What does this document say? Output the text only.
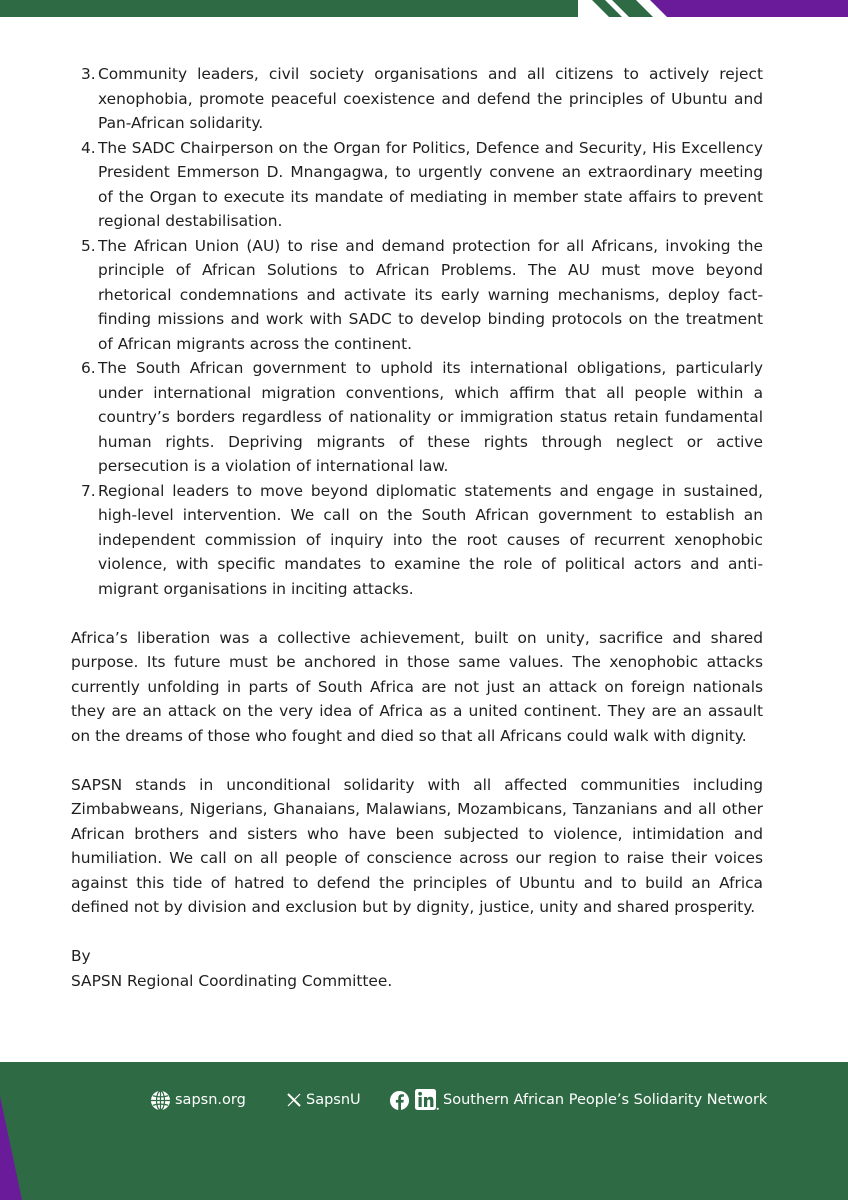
3. Community leaders, civil society organisations and all citizens to actively reject xenophobia, promote peaceful coexistence and defend the principles of Ubuntu and Pan-African solidarity.
4. The SADC Chairperson on the Organ for Politics, Defence and Security, His Excellency President Emmerson D. Mnangagwa, to urgently convene an extraordinary meeting of the Organ to execute its mandate of mediating in member state affairs to prevent regional destabilisation.
5. The African Union (AU) to rise and demand protection for all Africans, invoking the principle of African Solutions to African Problems. The AU must move beyond rhetorical condemnations and activate its early warning mechanisms, deploy fact-finding missions and work with SADC to develop binding protocols on the treatment of African migrants across the continent.
6. The South African government to uphold its international obligations, particularly under international migration conventions, which affirm that all people within a country’s borders regardless of nationality or immigration status retain fundamental human rights. Depriving migrants of these rights through neglect or active persecution is a violation of international law.
7. Regional leaders to move beyond diplomatic statements and engage in sustained, high-level intervention. We call on the South African government to establish an independent commission of inquiry into the root causes of recurrent xenophobic violence, with specific mandates to examine the role of political actors and anti-migrant organisations in inciting attacks.

Africa’s liberation was a collective achievement, built on unity, sacrifice and shared purpose. Its future must be anchored in those same values. The xenophobic attacks currently unfolding in parts of South Africa are not just an attack on foreign nationals they are an attack on the very idea of Africa as a united continent. They are an assault on the dreams of those who fought and died so that all Africans could walk with dignity.

SAPSN stands in unconditional solidarity with all affected communities including Zimbabweans, Nigerians, Ghanaians, Malawians, Mozambicans, Tanzanians and all other African brothers and sisters who have been subjected to violence, intimidation and humiliation. We call on all people of conscience across our region to raise their voices against this tide of hatred to defend the principles of Ubuntu and to build an Africa defined not by division and exclusion but by dignity, justice, unity and shared prosperity.

By
SAPSN Regional Coordinating Committee.
sapsn.org	SapsnU	Southern African People’s Solidarity Network
